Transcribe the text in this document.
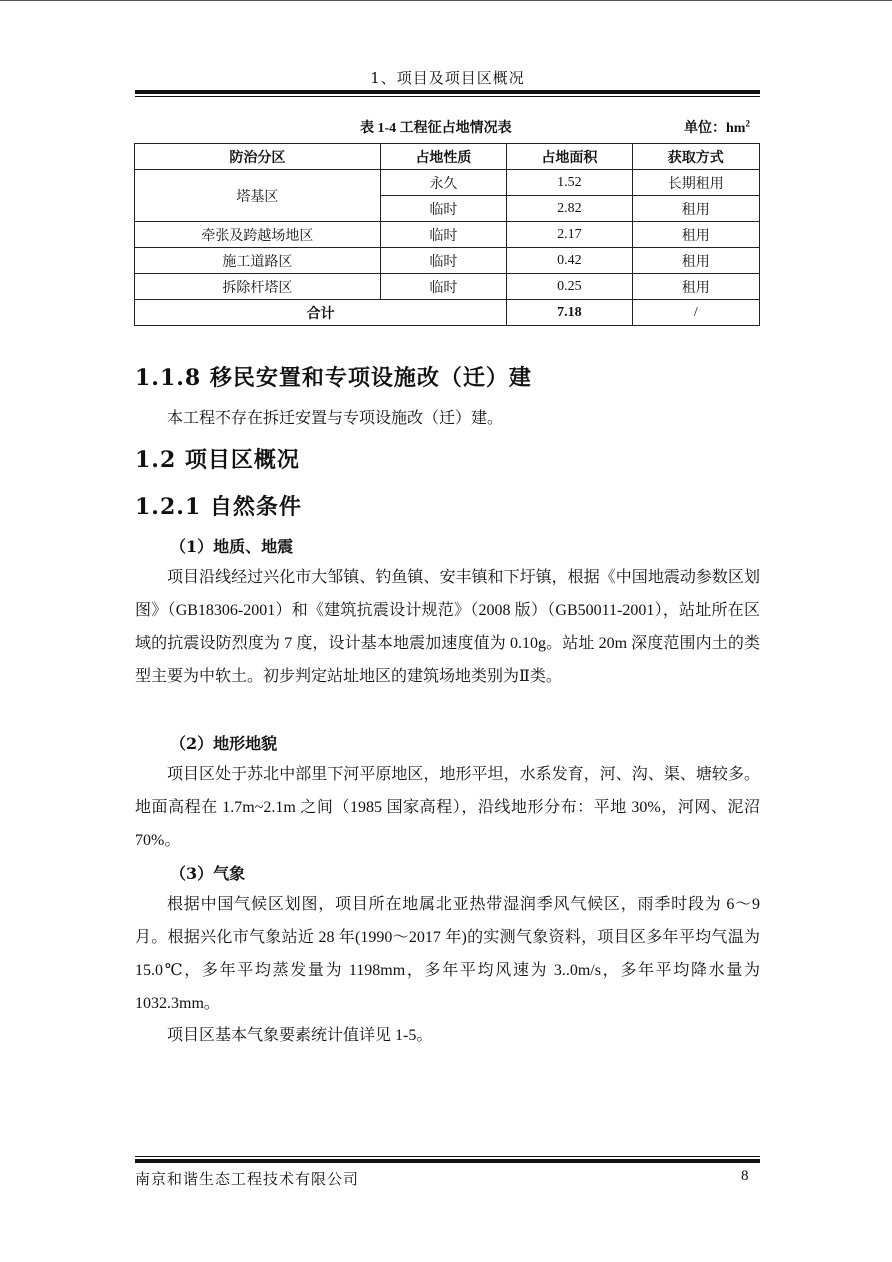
1、项目及项目区概况
表 1-4 工程征占地情况表	单位：$hm^2$
防治分区	占地性质	占地面积	获取方式
塔基区	永久	1.52	长期租用
	临时	2.82	租用
牵张及跨越场地区	临时	2.17	租用
施工道路区	临时	0.42	租用
拆除杆塔区	临时	0.25	租用
合计		7.18	/
1.1.8 移民安置和专项设施改（迁）建
本工程不存在拆迁安置与专项设施改（迁）建。
1.2 项目区概况
1.2.1 自然条件
（1）地质、地震
项目沿线经过兴化市大邹镇、钓鱼镇、安丰镇和下圩镇，根据《中国地震动参数区划图》（GB18306-2001）和《建筑抗震设计规范》（2008 版）（GB50011-2001），站址所在区域的抗震设防烈度为 7 度，设计基本地震加速度值为 0.10g。站址 20m 深度范围内土的类型主要为中软土。初步判定站址地区的建筑场地类别为Ⅱ类。
（2）地形地貌
项目区处于苏北中部里下河平原地区，地形平坦，水系发育，河、沟、渠、塘较多。地面高程在 1.7m~2.1m 之间（1985 国家高程），沿线地形分布：平地 30%，河网、泥沼 70%。
（3）气象
根据中国气候区划图，项目所在地属北亚热带湿润季风气候区，雨季时段为 6～9 月。根据兴化市气象站近 28 年(1990～2017 年)的实测气象资料，项目区多年平均气温为 15.0℃，多年平均蒸发量为 1198mm，多年平均风速为 3..0m/s，多年平均降水量为 1032.3mm。
项目区基本气象要素统计值详见 1-5。
南京和谐生态工程技术有限公司	8
